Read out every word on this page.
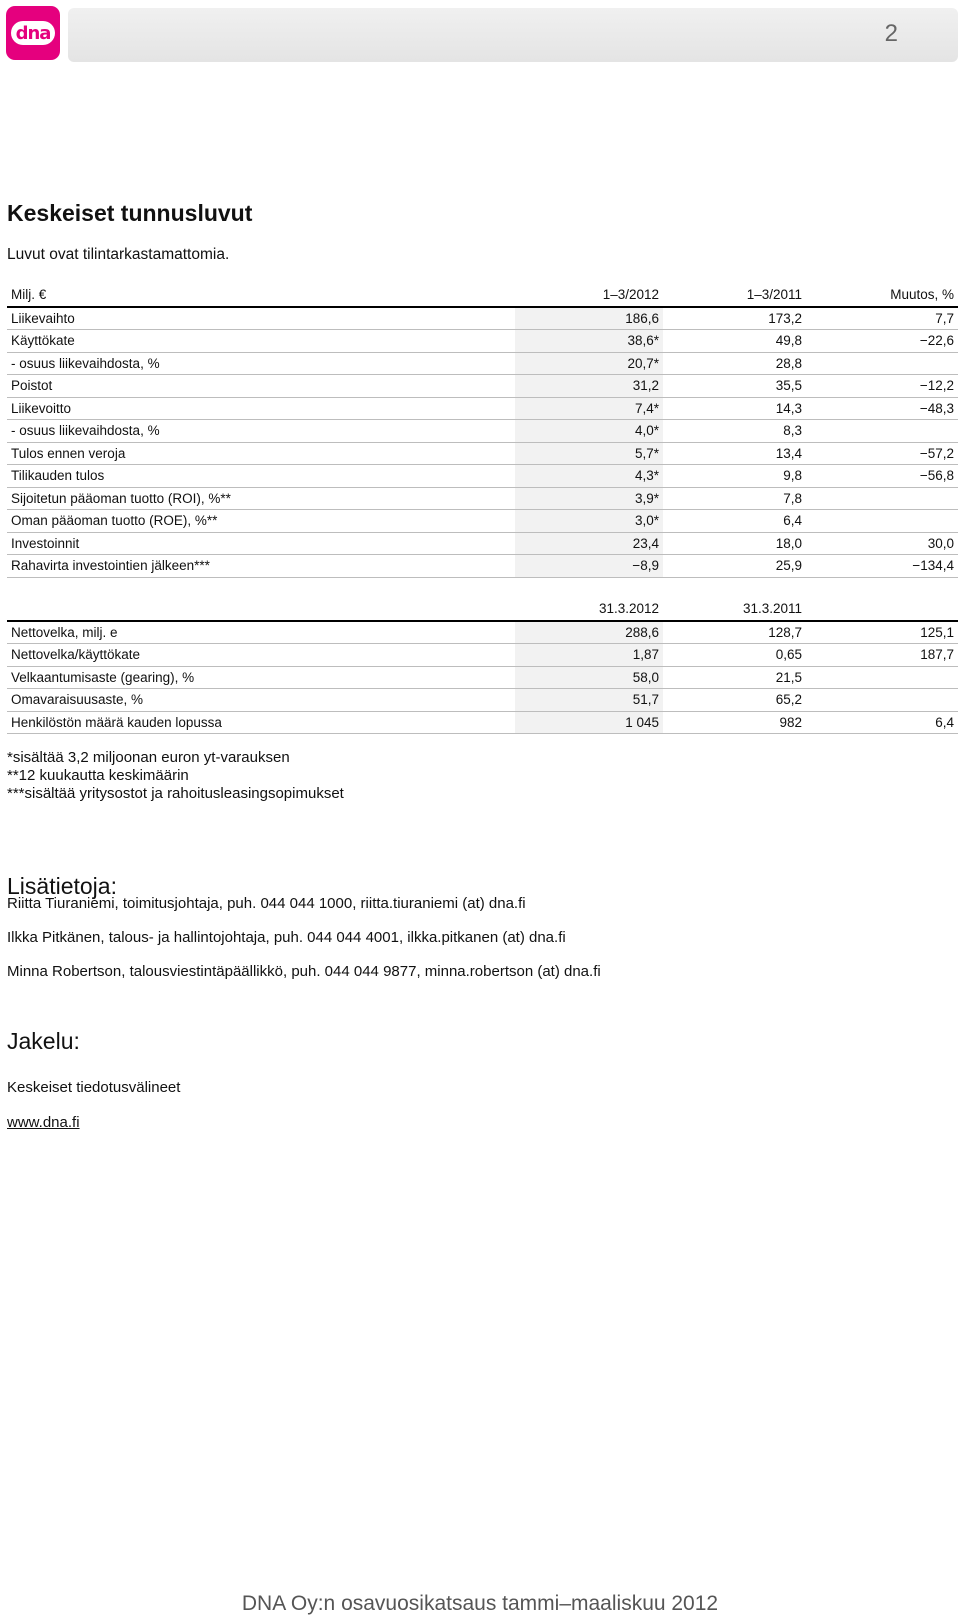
dna	2
Keskeiset tunnusluvut
Luvut ovat tilintarkastamattomia.
Milj. €	1–3/2012	1–3/2011	Muutos, %
Liikevaihto	186,6	173,2	7,7
Käyttökate	38,6*	49,8	−22,6
- osuus liikevaihdosta, %	20,7*	28,8	
Poistot	31,2	35,5	−12,2
Liikevoitto	7,4*	14,3	−48,3
- osuus liikevaihdosta, %	4,0*	8,3	
Tulos ennen veroja	5,7*	13,4	−57,2
Tilikauden tulos	4,3*	9,8	−56,8
Sijoitetun pääoman tuotto (ROI), %**	3,9*	7,8	
Oman pääoman tuotto (ROE), %**	3,0*	6,4	
Investoinnit	23,4	18,0	30,0
Rahavirta investointien jälkeen***	−8,9	25,9	−134,4
	31.3.2012	31.3.2011	
Nettovelka, milj. e	288,6	128,7	125,1
Nettovelka/käyttökate	1,87	0,65	187,7
Velkaantumisaste (gearing), %	58,0	21,5	
Omavaraisuusaste, %	51,7	65,2	
Henkilöstön määrä kauden lopussa	1 045	982	6,4
*sisältää 3,2 miljoonan euron yt-varauksen
**12 kuukautta keskimäärin
***sisältää yritysostot ja rahoitusleasingsopimukset
Lisätietoja:
Riitta Tiuraniemi, toimitusjohtaja, puh. 044 044 1000, riitta.tiuraniemi (at) dna.fi
Ilkka Pitkänen, talous- ja hallintojohtaja, puh. 044 044 4001, ilkka.pitkanen (at) dna.fi
Minna Robertson, talousviestintäpäällikkö, puh. 044 044 9877, minna.robertson (at) dna.fi
Jakelu:
Keskeiset tiedotusvälineet
www.dna.fi
DNA Oy:n osavuosikatsaus tammi–maaliskuu 2012
